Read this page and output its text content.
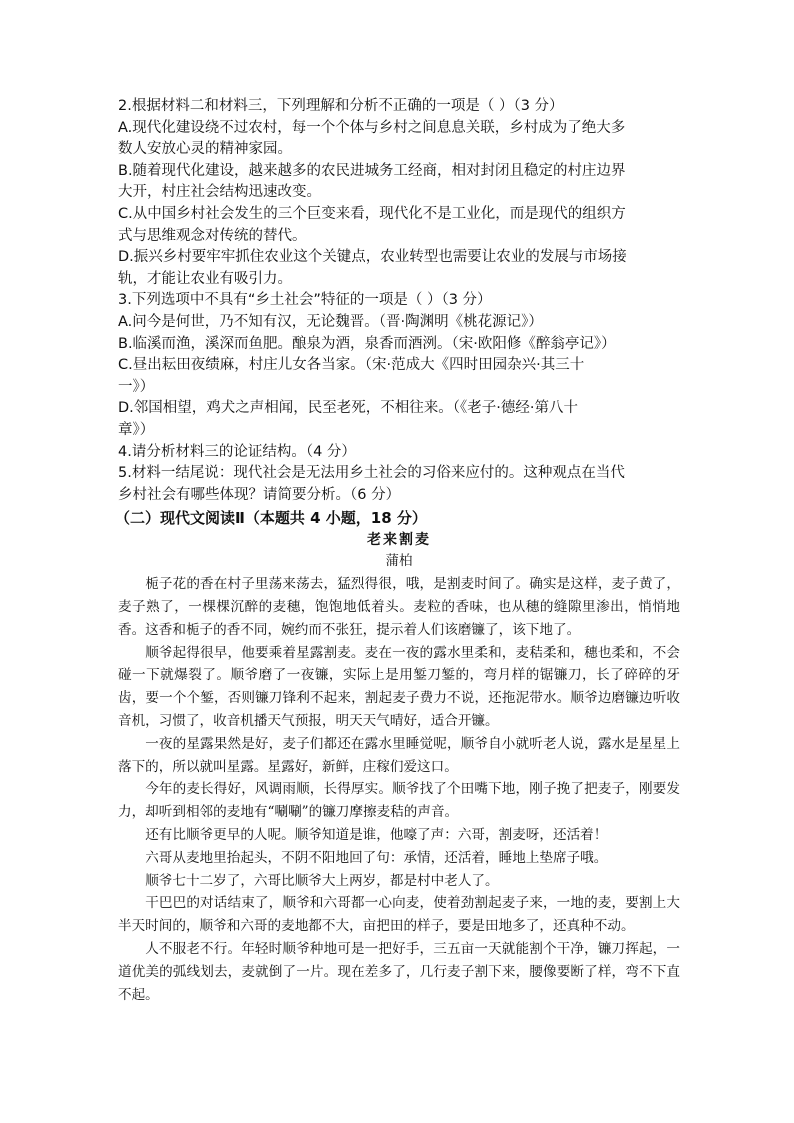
2.根据材料二和材料三，下列理解和分析不正确的一项是（ ）（3 分）
A.现代化建设绕不过农村，每一个个体与乡村之间息息关联，乡村成为了绝大多
数人安放心灵的精神家园。
B.随着现代化建设，越来越多的农民进城务工经商，相对封闭且稳定的村庄边界
大开，村庄社会结构迅速改变。
C.从中国乡村社会发生的三个巨变来看，现代化不是工业化，而是现代的组织方
式与思维观念对传统的替代。
D.振兴乡村要牢牢抓住农业这个关键点，农业转型也需要让农业的发展与市场接
轨，才能让农业有吸引力。
3.下列选项中不具有“乡土社会”特征的一项是（ ）（3 分）
A.问今是何世，乃不知有汉，无论魏晋。（晋·陶渊明《桃花源记》）
B.临溪而渔，溪深而鱼肥。酿泉为酒，泉香而酒洌。（宋·欧阳修《醉翁亭记》）
C.昼出耘田夜绩麻，村庄儿女各当家。（宋·范成大《四时田园杂兴·其三十
一》）
D.邻国相望，鸡犬之声相闻，民至老死，不相往来。（《老子·德经·第八十
章》）
4.请分析材料三的论证结构。（4 分）
5.材料一结尾说：现代社会是无法用乡土社会的习俗来应付的。这种观点在当代
乡村社会有哪些体现？请简要分析。（6 分）
（二）现代文阅读Ⅱ（本题共 4 小题，18 分）
老来割麦
蒲柏

栀子花的香在村子里荡来荡去，猛烈得很，哦，是割麦时间了。确实是这样，麦子黄了，麦子熟了，一棵棵沉醉的麦穗，饱饱地低着头。麦粒的香味，也从穗的缝隙里渗出，悄悄地香。这香和栀子的香不同，婉约而不张狂，提示着人们该磨镰了，该下地了。

顺爷起得很早，他要乘着星露割麦。麦在一夜的露水里柔和，麦秸柔和，穗也柔和，不会碰一下就爆裂了。顺爷磨了一夜镰，实际上是用錾刀錾的，弯月样的锯镰刀，长了碎碎的牙齿，要一个个錾，否则镰刀锋利不起来，割起麦子费力不说，还拖泥带水。顺爷边磨镰边听收音机，习惯了，收音机播天气预报，明天天气晴好，适合开镰。

一夜的星露果然是好，麦子们都还在露水里睡觉呢，顺爷自小就听老人说，露水是星星上落下的，所以就叫星露。星露好，新鲜，庄稼们爱这口。

今年的麦长得好，风调雨顺，长得厚实。顺爷找了个田嘴下地，刚子挽了把麦子，刚要发力，却听到相邻的麦地有“唰唰”的镰刀摩擦麦秸的声音。

还有比顺爷更早的人呢。顺爷知道是谁，他嚎了声：六哥，割麦呀，还活着！

六哥从麦地里抬起头，不阴不阳地回了句：承情，还活着，睡地上垫席子哦。

顺爷七十二岁了，六哥比顺爷大上两岁，都是村中老人了。

干巴巴的对话结束了，顺爷和六哥都一心向麦，使着劲割起麦子来，一地的麦，要割上大半天时间的，顺爷和六哥的麦地都不大，亩把田的样子，要是田地多了，还真种不动。

人不服老不行。年轻时顺爷种地可是一把好手，三五亩一天就能割个干净，镰刀挥起，一道优美的弧线划去，麦就倒了一片。现在差多了，几行麦子割下来，腰像要断了样，弯不下直不起。
